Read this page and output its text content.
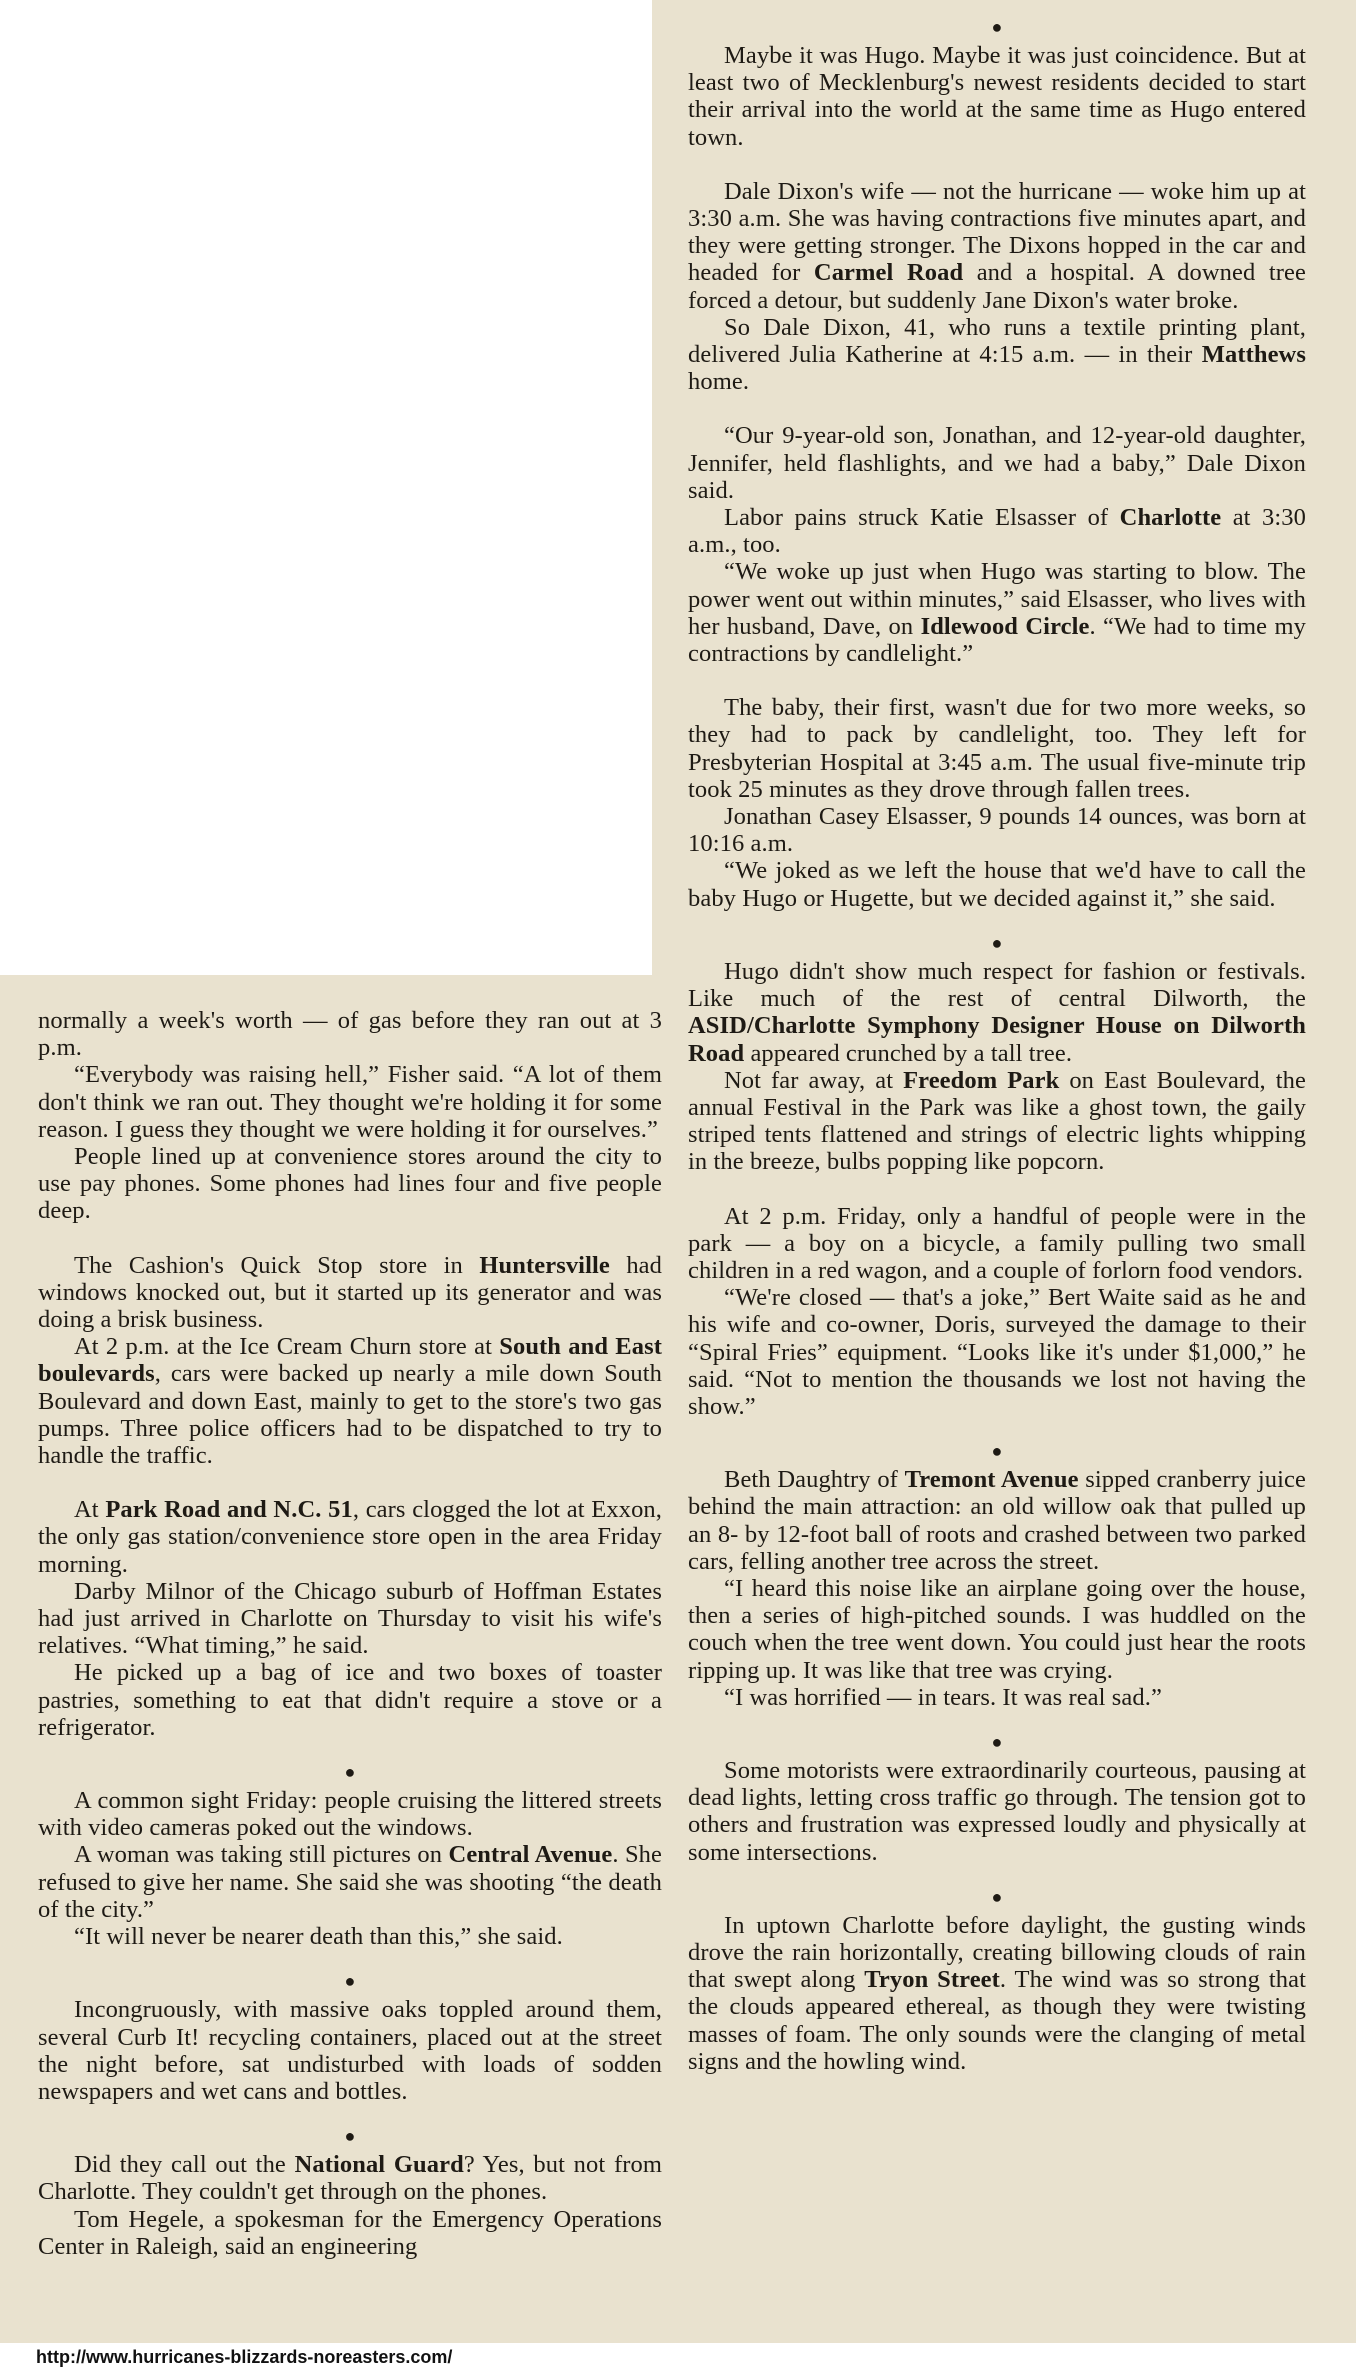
normally a week's worth — of gas before they ran out at 3 p.m.

“Everybody was raising hell,” Fisher said. “A lot of them don't think we ran out. They thought we're holding it for some reason. I guess they thought we were holding it for ourselves.”

People lined up at convenience stores around the city to use pay phones. Some phones had lines four and five people deep.

The Cashion's Quick Stop store in Huntersville had windows knocked out, but it started up its generator and was doing a brisk business.

At 2 p.m. at the Ice Cream Churn store at South and East boulevards, cars were backed up nearly a mile down South Boulevard and down East, mainly to get to the store's two gas pumps. Three police officers had to be dispatched to try to handle the traffic.

At Park Road and N.C. 51, cars clogged the lot at Exxon, the only gas station/convenience store open in the area Friday morning.

Darby Milnor of the Chicago suburb of Hoffman Estates had just arrived in Charlotte on Thursday to visit his wife's relatives. “What timing,” he said.

He picked up a bag of ice and two boxes of toaster pastries, something to eat that didn't require a stove or a refrigerator.

●

A common sight Friday: people cruising the littered streets with video cameras poked out the windows.

A woman was taking still pictures on Central Avenue. She refused to give her name. She said she was shooting “the death of the city.”

“It will never be nearer death than this,” she said.

●

Incongruously, with massive oaks toppled around them, several Curb It! recycling containers, placed out at the street the night before, sat undisturbed with loads of sodden newspapers and wet cans and bottles.

●

Did they call out the National Guard? Yes, but not from Charlotte. They couldn't get through on the phones.

Tom Hegele, a spokesman for the Emergency Operations Center in Raleigh, said an engineering

●

Maybe it was Hugo. Maybe it was just coincidence. But at least two of Mecklenburg's newest residents decided to start their arrival into the world at the same time as Hugo entered town.

Dale Dixon's wife — not the hurricane — woke him up at 3:30 a.m. She was having contractions five minutes apart, and they were getting stronger. The Dixons hopped in the car and headed for Carmel Road and a hospital. A downed tree forced a detour, but suddenly Jane Dixon's water broke.

So Dale Dixon, 41, who runs a textile printing plant, delivered Julia Katherine at 4:15 a.m. — in their Matthews home.

“Our 9-year-old son, Jonathan, and 12-year-old daughter, Jennifer, held flashlights, and we had a baby,” Dale Dixon said.

Labor pains struck Katie Elsasser of Charlotte at 3:30 a.m., too.

“We woke up just when Hugo was starting to blow. The power went out within minutes,” said Elsasser, who lives with her husband, Dave, on Idlewood Circle. “We had to time my contractions by candlelight.”

The baby, their first, wasn't due for two more weeks, so they had to pack by candlelight, too. They left for Presbyterian Hospital at 3:45 a.m. The usual five-minute trip took 25 minutes as they drove through fallen trees.

Jonathan Casey Elsasser, 9 pounds 14 ounces, was born at 10:16 a.m.

“We joked as we left the house that we'd have to call the baby Hugo or Hugette, but we decided against it,” she said.

●

Hugo didn't show much respect for fashion or festivals. Like much of the rest of central Dilworth, the ASID/Charlotte Symphony Designer House on Dilworth Road appeared crunched by a tall tree.

Not far away, at Freedom Park on East Boulevard, the annual Festival in the Park was like a ghost town, the gaily striped tents flattened and strings of electric lights whipping in the breeze, bulbs popping like popcorn.

At 2 p.m. Friday, only a handful of people were in the park — a boy on a bicycle, a family pulling two small children in a red wagon, and a couple of forlorn food vendors.

“We're closed — that's a joke,” Bert Waite said as he and his wife and co-owner, Doris, surveyed the damage to their “Spiral Fries” equipment. “Looks like it's under $1,000,” he said. “Not to mention the thousands we lost not having the show.”

●

Beth Daughtry of Tremont Avenue sipped cranberry juice behind the main attraction: an old willow oak that pulled up an 8- by 12-foot ball of roots and crashed between two parked cars, felling another tree across the street.

“I heard this noise like an airplane going over the house, then a series of high-pitched sounds. I was huddled on the couch when the tree went down. You could just hear the roots ripping up. It was like that tree was crying.

“I was horrified — in tears. It was real sad.”

●

Some motorists were extraordinarily courteous, pausing at dead lights, letting cross traffic go through. The tension got to others and frustration was expressed loudly and physically at some intersections.

●

In uptown Charlotte before daylight, the gusting winds drove the rain horizontally, creating billowing clouds of rain that swept along Tryon Street. The wind was so strong that the clouds appeared ethereal, as though they were twisting masses of foam. The only sounds were the clanging of metal signs and the howling wind.

http://www.hurricanes-blizzards-noreasters.com/
